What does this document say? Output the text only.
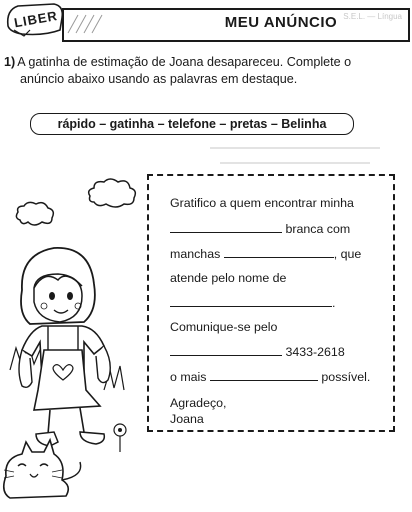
LIBER	S.E.L. — Língua
MEU ANÚNCIO
1) A gatinha de estimação de Joana desapareceu. Complete o
anúncio abaixo usando as palavras em destaque.
rápido – gatinha – telefone – pretas – Belinha
Gratifico a quem encontrar minha
branca com
manchas	, que
atende pelo nome de
.
Comunique-se pelo
3433-2618
o mais	possível.
Agradeço,
Joana
